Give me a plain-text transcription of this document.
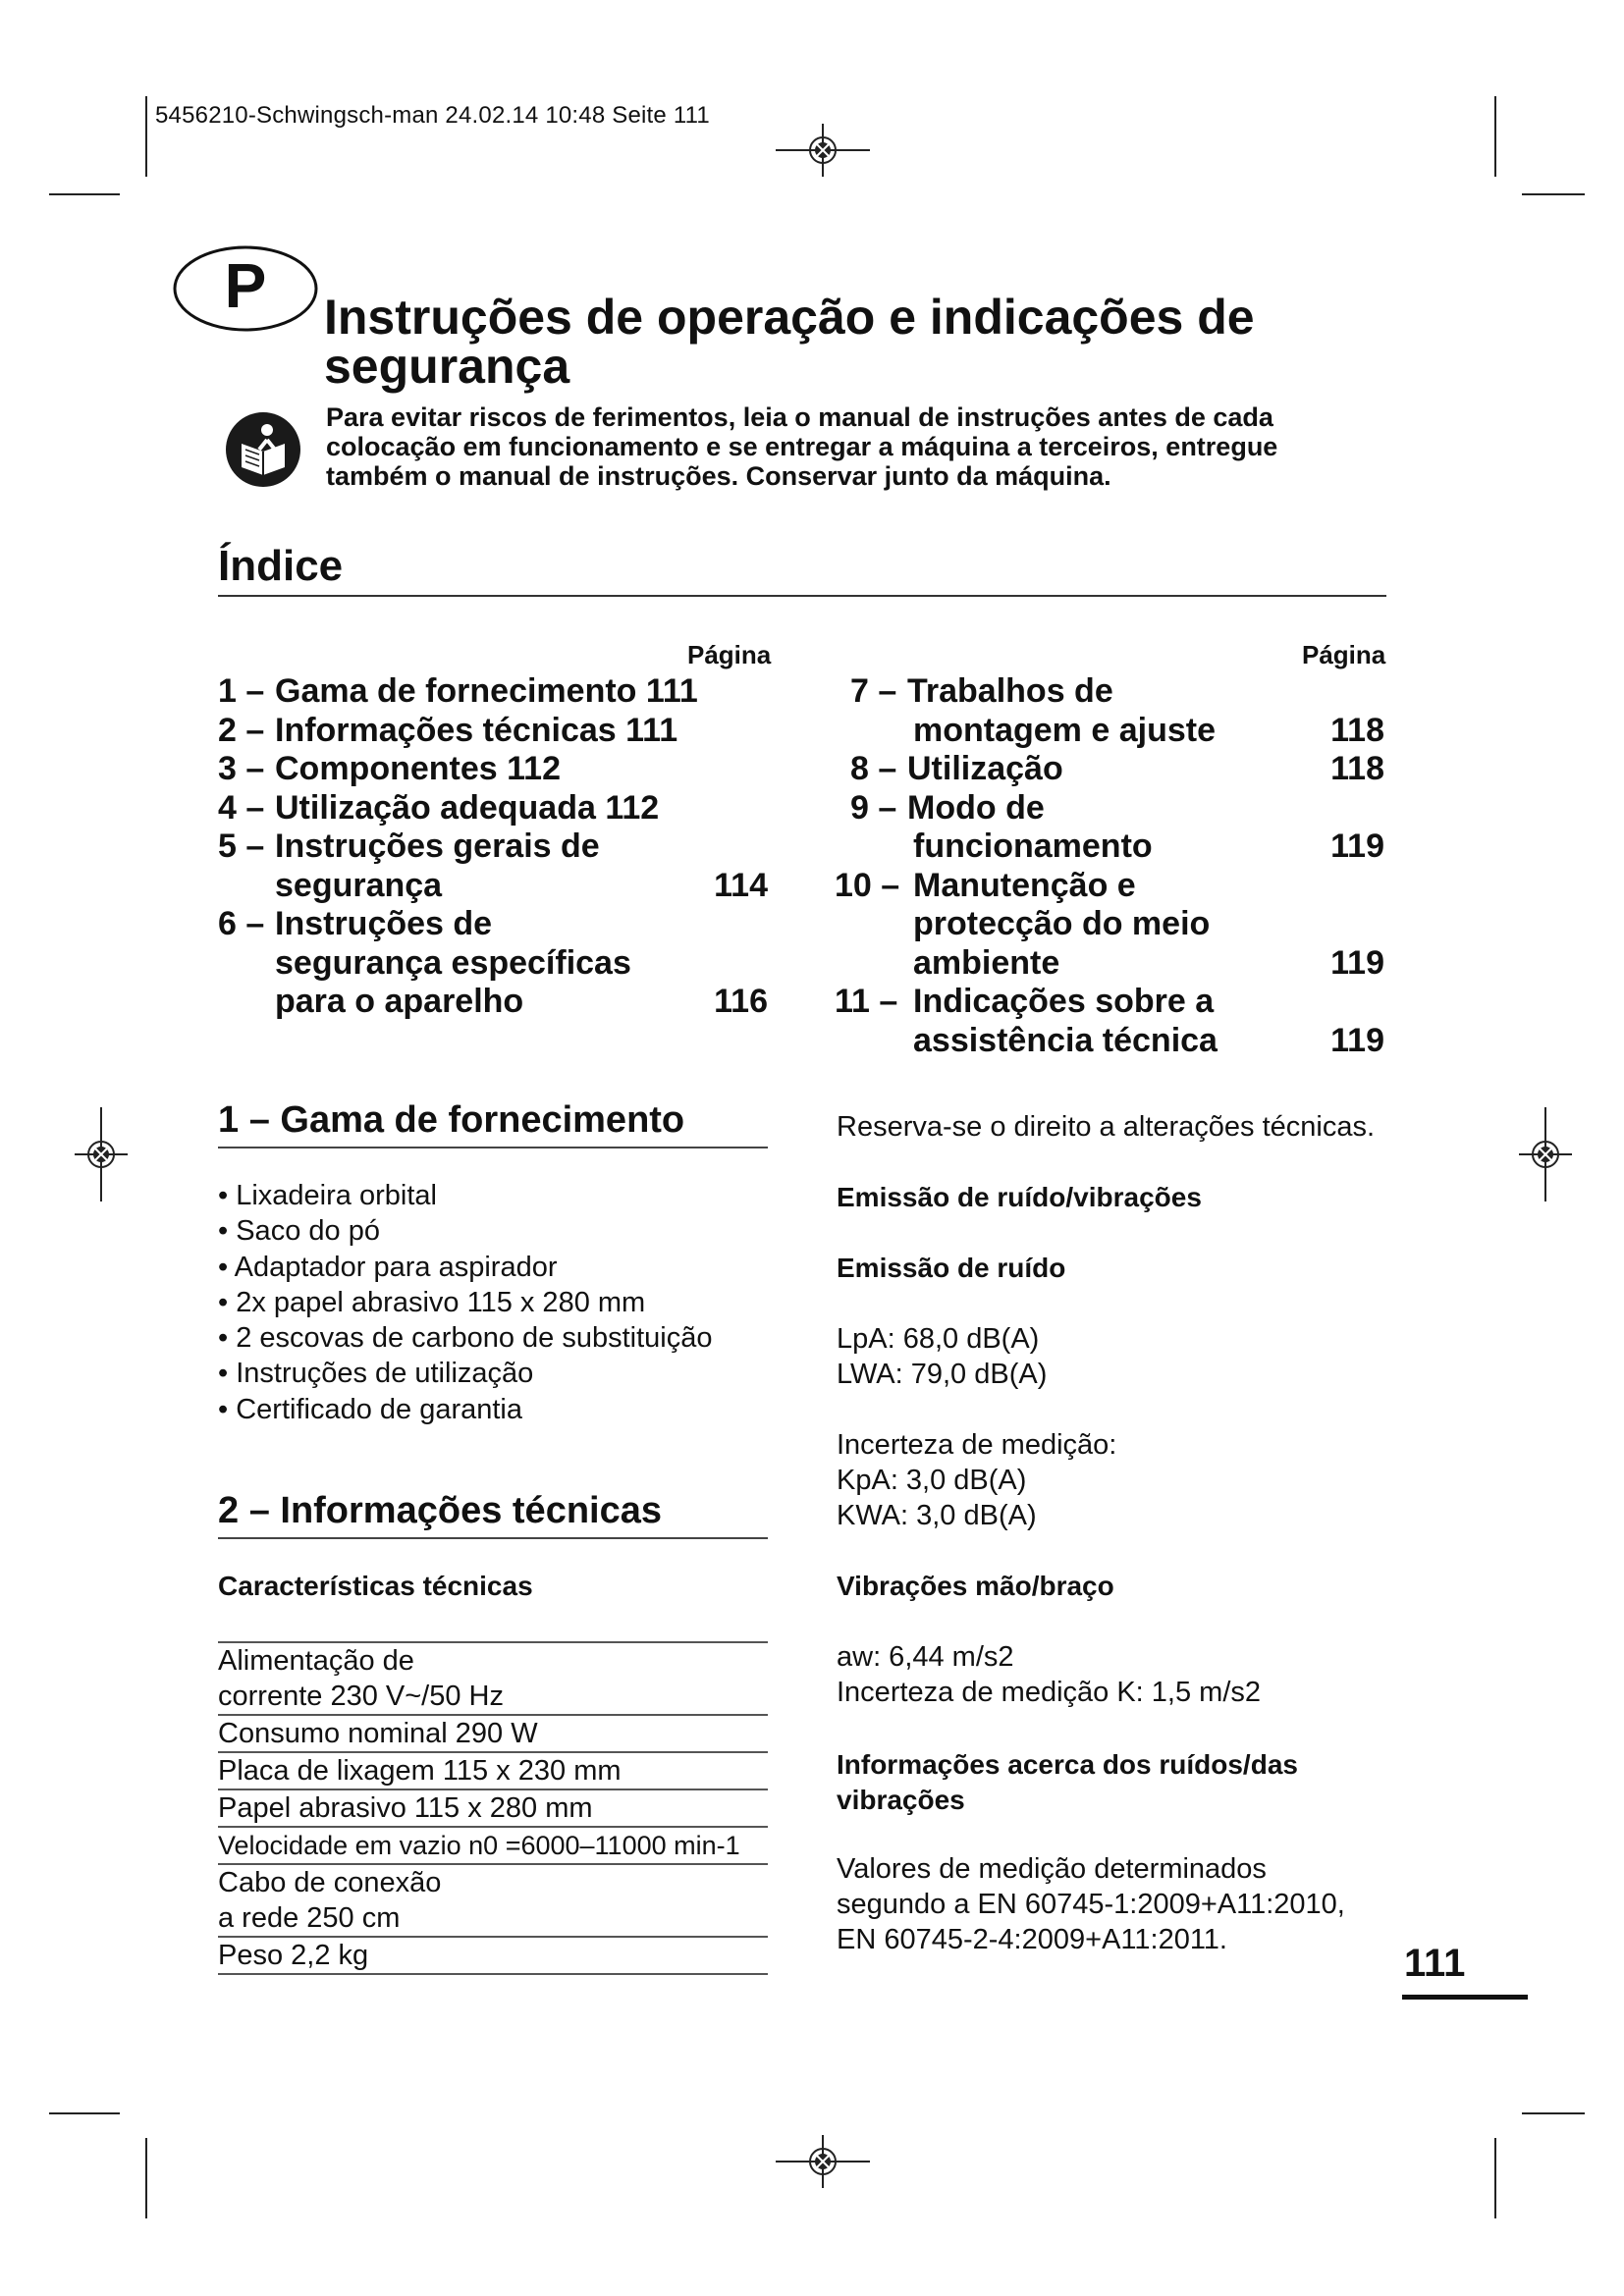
5456210-Schwingsch-man 24.02.14 10:48 Seite 111
P	Instruções de operação e indicações de
segurança
Para evitar riscos de ferimentos, leia o manual de instruções antes de cada
colocação em funcionamento e se entregar a máquina a terceiros, entregue
também o manual de instruções. Conservar junto da máquina.
Índice
Página	Página
1 – Gama de fornecimento 111
2 – Informações técnicas 111
3 – Componentes 112
4 – Utilização adequada 112
5 – Instruções gerais de
segurança	114
6 – Instruções de
segurança específicas
para o aparelho	116
7 – Trabalhos de
montagem e ajuste	118
8 – Utilização	118
9 – Modo de
funcionamento	119
10 – Manutenção e
protecção do meio
ambiente	119
11 – Indicações sobre a
assistência técnica	119
1 – Gama de fornecimento
• Lixadeira orbital
• Saco do pó
• Adaptador para aspirador
• 2x papel abrasivo 115 x 280 mm
• 2 escovas de carbono de substituição
• Instruções de utilização
• Certificado de garantia
2 – Informações técnicas
Características técnicas
Alimentação de
corrente 230 V~/50 Hz
Consumo nominal 290 W
Placa de lixagem 115 x 230 mm
Papel abrasivo 115 x 280 mm
Velocidade em vazio n0 =6000–11000 min-1
Cabo de conexão
a rede 250 cm
Peso 2,2 kg
Reserva-se o direito a alterações técnicas.
Emissão de ruído/vibrações
Emissão de ruído
LpA: 68,0 dB(A)
LWA: 79,0 dB(A)
Incerteza de medição:
KpA: 3,0 dB(A)
KWA: 3,0 dB(A)
Vibrações mão/braço
aw: 6,44 m/s2
Incerteza de medição K: 1,5 m/s2
Informações acerca dos ruídos/das
vibrações
Valores de medição determinados
segundo a EN 60745-1:2009+A11:2010,
EN 60745-2-4:2009+A11:2011.
111
